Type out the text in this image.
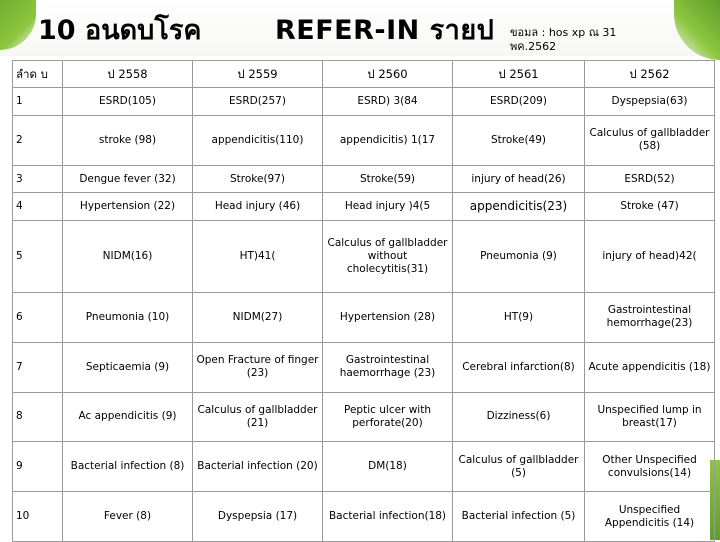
10 อนดบโรค	REFER-IN รายป ขอมล : hos xp ณ 31
พค.2562
ลำด บ	ป 2558	ป 2559	ป 2560	ป 2561	ป 2562
1	ESRD(105)	ESRD(257)	ESRD) 3(84	ESRD(209)	Dyspepsia(63)
2	stroke (98)	appendicitis(110)	appendicitis) 1(17	Stroke(49)	Calculus of gallbladder (58)
3	Dengue fever (32)	Stroke(97)	Stroke(59)	injury of head(26)	ESRD(52)
4	Hypertension (22)	Head injury (46)	Head injury )4(5	appendicitis(23)	Stroke (47)
5	NIDM(16)	HT)41(	Calculus of gallbladder without cholecytitis(31)	Pneumonia (9)	injury of head)42(
6	Pneumonia (10)	NIDM(27)	Hypertension (28)	HT(9)	Gastrointestinal hemorrhage(23)
7	Septicaemia (9)	Open Fracture of finger (23)	Gastrointestinal haemorrhage (23)	Cerebral infarction(8)	Acute appendicitis (18)
8	Ac appendicitis (9)	Calculus of gallbladder (21)	Peptic ulcer with perforate(20)	Dizziness(6)	Unspecified lump in breast(17)
9	Bacterial infection (8)	Bacterial infection (20)	DM(18)	Calculus of gallbladder (5)	Other Unspecified convulsions(14)
10	Fever (8)	Dyspepsia (17)	Bacterial infection(18)	Bacterial infection (5)	Unspecified Appendicitis (14)
